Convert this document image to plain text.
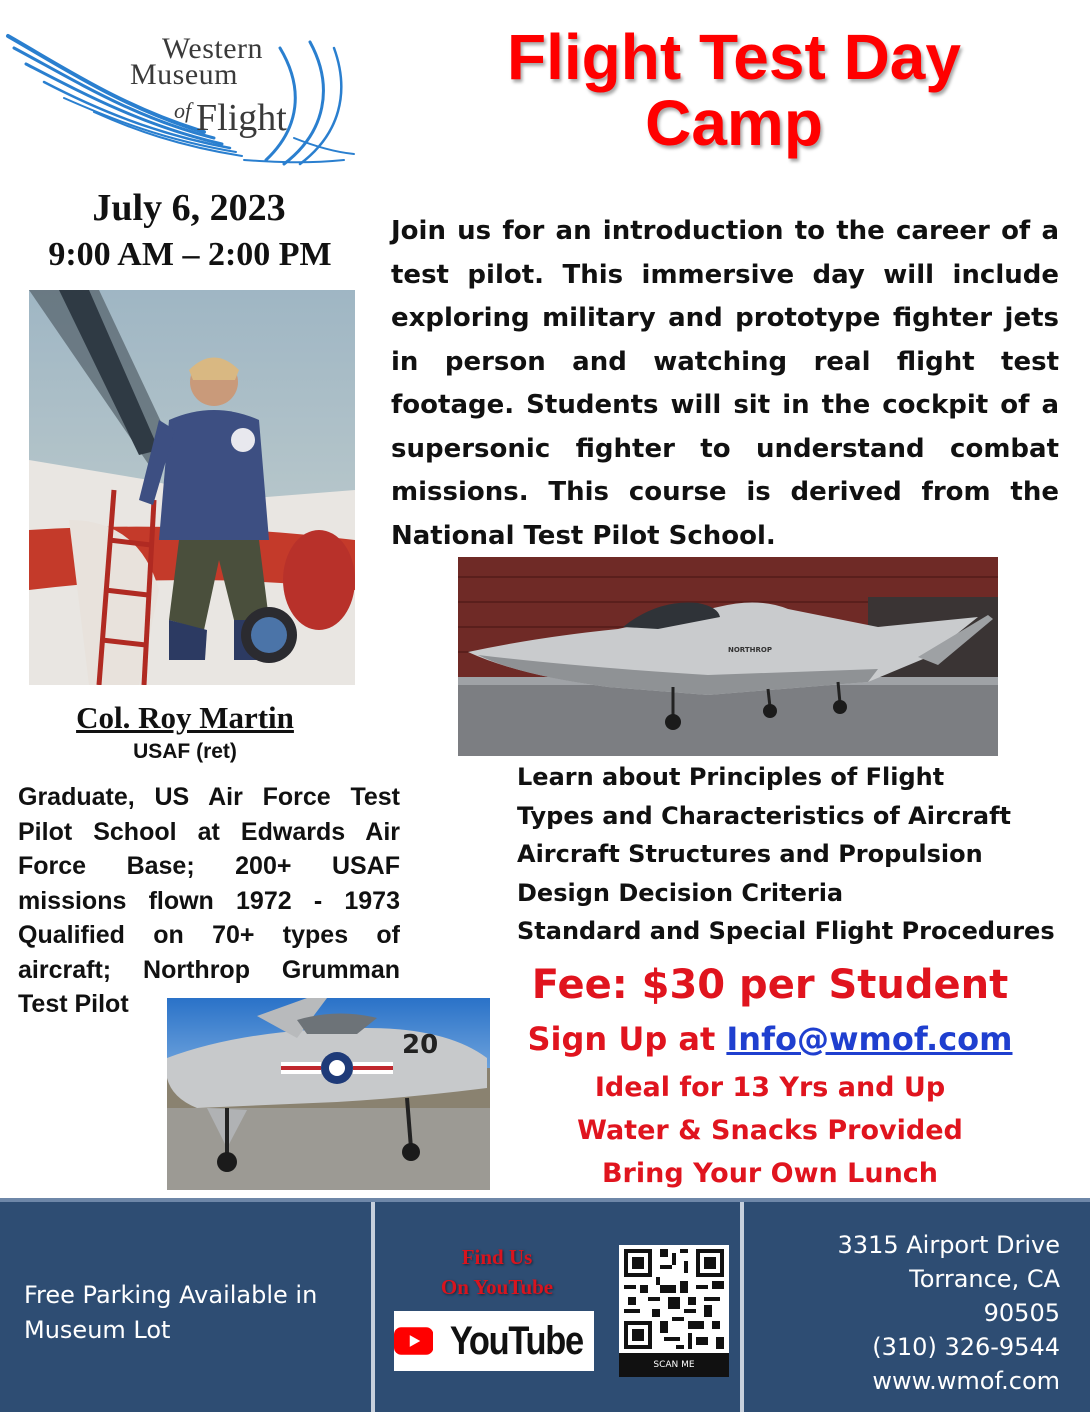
Western
Museum
of Flight
Flight Test Day
Camp
July 6, 2023
9:00 AM – 2:00 PM

Join us for an introduction to the career of a test pilot. This immersive day will include exploring military and prototype fighter jets in person and watching real flight test footage. Students will sit in the cockpit of a supersonic fighter to understand combat missions. This course is derived from the National Test Pilot School.

Col. Roy Martin
USAF (ret)

Graduate, US Air Force Test Pilot School at Edwards Air Force Base; 200+ USAF missions flown 1972 - 1973 Qualified on 70+ types of aircraft; Northrop Grumman Test Pilot

NORTHROP
Learn about Principles of Flight
Types and Characteristics of Aircraft
Aircraft Structures and Propulsion
Design Decision Criteria
Standard and Special Flight Procedures
Fee: $30 per Student
Sign Up at Info@wmof.com
Ideal for 13 Yrs and Up
Water & Snacks Provided
Bring Your Own Lunch
20

Free Parking Available in Museum Lot

Find Us
On YouTube
YouTube
SCAN ME
3315 Airport Drive
Torrance, CA
90505
(310) 326-9544
www.wmof.com
